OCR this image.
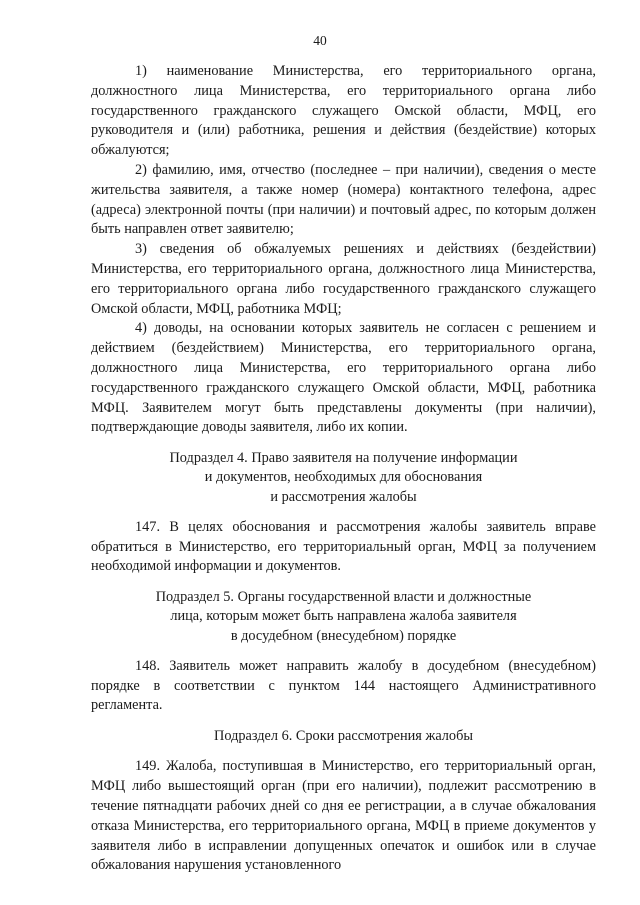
40

1) наименование Министерства, его территориального органа, должностного лица Министерства, его территориального органа либо государственного гражданского служащего Омской области, МФЦ, его руководителя и (или) работника, решения и действия (бездействие) которых обжалуются;

2) фамилию, имя, отчество (последнее – при наличии), сведения о месте жительства заявителя, а также номер (номера) контактного телефона, адрес (адреса) электронной почты (при наличии) и почтовый адрес, по которым должен быть направлен ответ заявителю;

3) сведения об обжалуемых решениях и действиях (бездействии) Министерства, его территориального органа, должностного лица Министерства, его территориального органа либо государственного гражданского служащего Омской области, МФЦ, работника МФЦ;

4) доводы, на основании которых заявитель не согласен с решением и действием (бездействием) Министерства, его территориального органа, должностного лица Министерства, его территориального органа либо государственного гражданского служащего Омской области, МФЦ, работника МФЦ. Заявителем могут быть представлены документы (при наличии), подтверждающие доводы заявителя, либо их копии.

Подраздел 4. Право заявителя на получение информации
и документов, необходимых для обоснования
и рассмотрения жалобы

147. В целях обоснования и рассмотрения жалобы заявитель вправе обратиться в Министерство, его территориальный орган, МФЦ за получением необходимой информации и документов.

Подраздел 5. Органы государственной власти и должностные
лица, которым может быть направлена жалоба заявителя
в досудебном (внесудебном) порядке

148. Заявитель может направить жалобу в досудебном (внесудебном) порядке в соответствии с пунктом 144 настоящего Административного регламента.

Подраздел 6. Сроки рассмотрения жалобы

149. Жалоба, поступившая в Министерство, его территориальный орган, МФЦ либо вышестоящий орган (при его наличии), подлежит рассмотрению в течение пятнадцати рабочих дней со дня ее регистрации, а в случае обжалования отказа Министерства, его территориального органа, МФЦ в приеме документов у заявителя либо в исправлении допущенных опечаток и ошибок или в случае обжалования нарушения установленного
